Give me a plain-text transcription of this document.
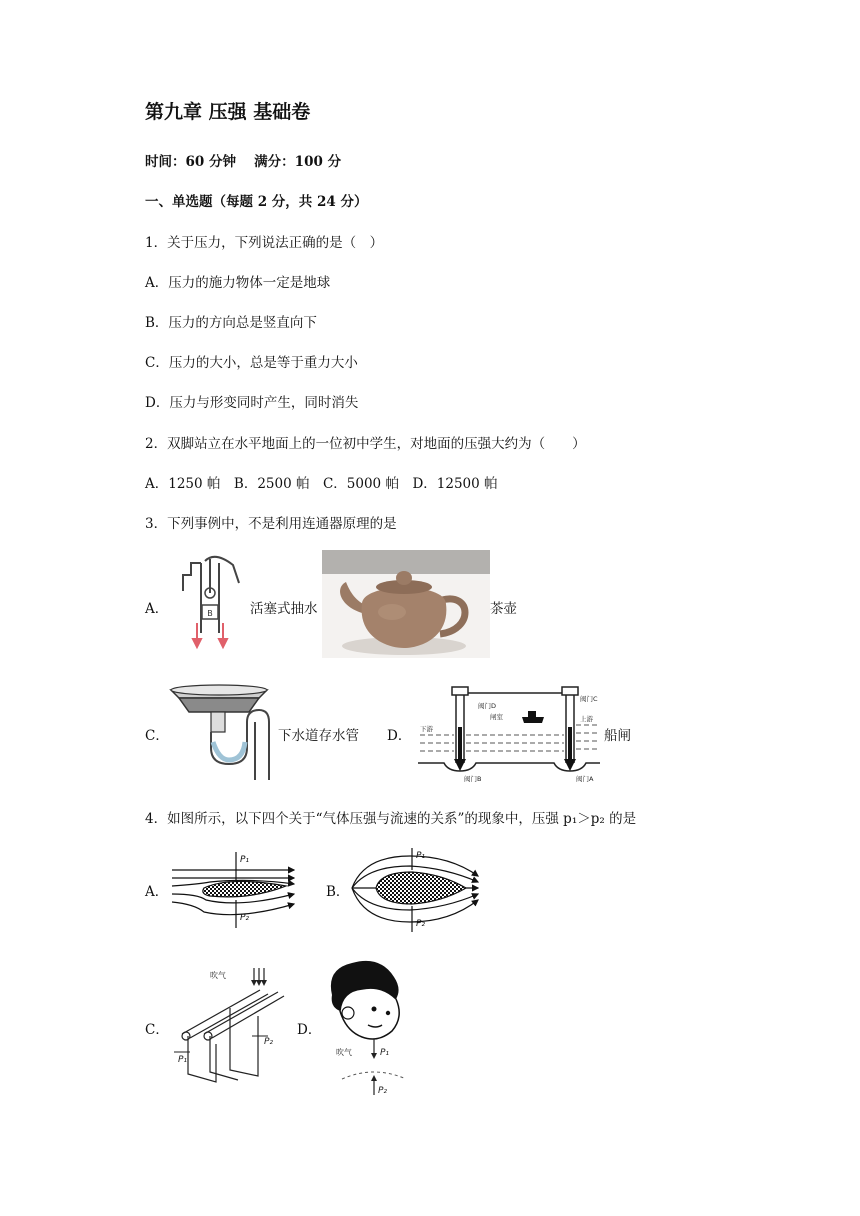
第九章 压强 基础卷
时间：60 分钟　 满分：100 分
一、单选题（每题 2 分，共 24 分）
1．关于压力，下列说法正确的是（　）
A．压力的施力物体一定是地球
B．压力的方向总是竖直向下
C．压力的大小，总是等于重力大小
D．压力与形变同时产生，同时消失
2．双脚站立在水平地面上的一位初中学生，对地面的压强大约为（　　）
A．1250 帕　B．2500 帕　C．5000 帕　D．12500 帕
3．下列事例中，不是利用连通器原理的是
A．	B	活塞式抽水	茶壶
C．	下水道存水管 D．
阀门D
阀门C
闸室
下游
上游
阀门B	阀门A
船闸
4．如图所示，以下四个关于“气体压强与流速的关系”的现象中，压强 p₁＞p₂ 的是
A．
P₁
P₂
B．
P₁
P₂
C．
吹气
P₁
P₂
D．
吹气	P₁
P₂
